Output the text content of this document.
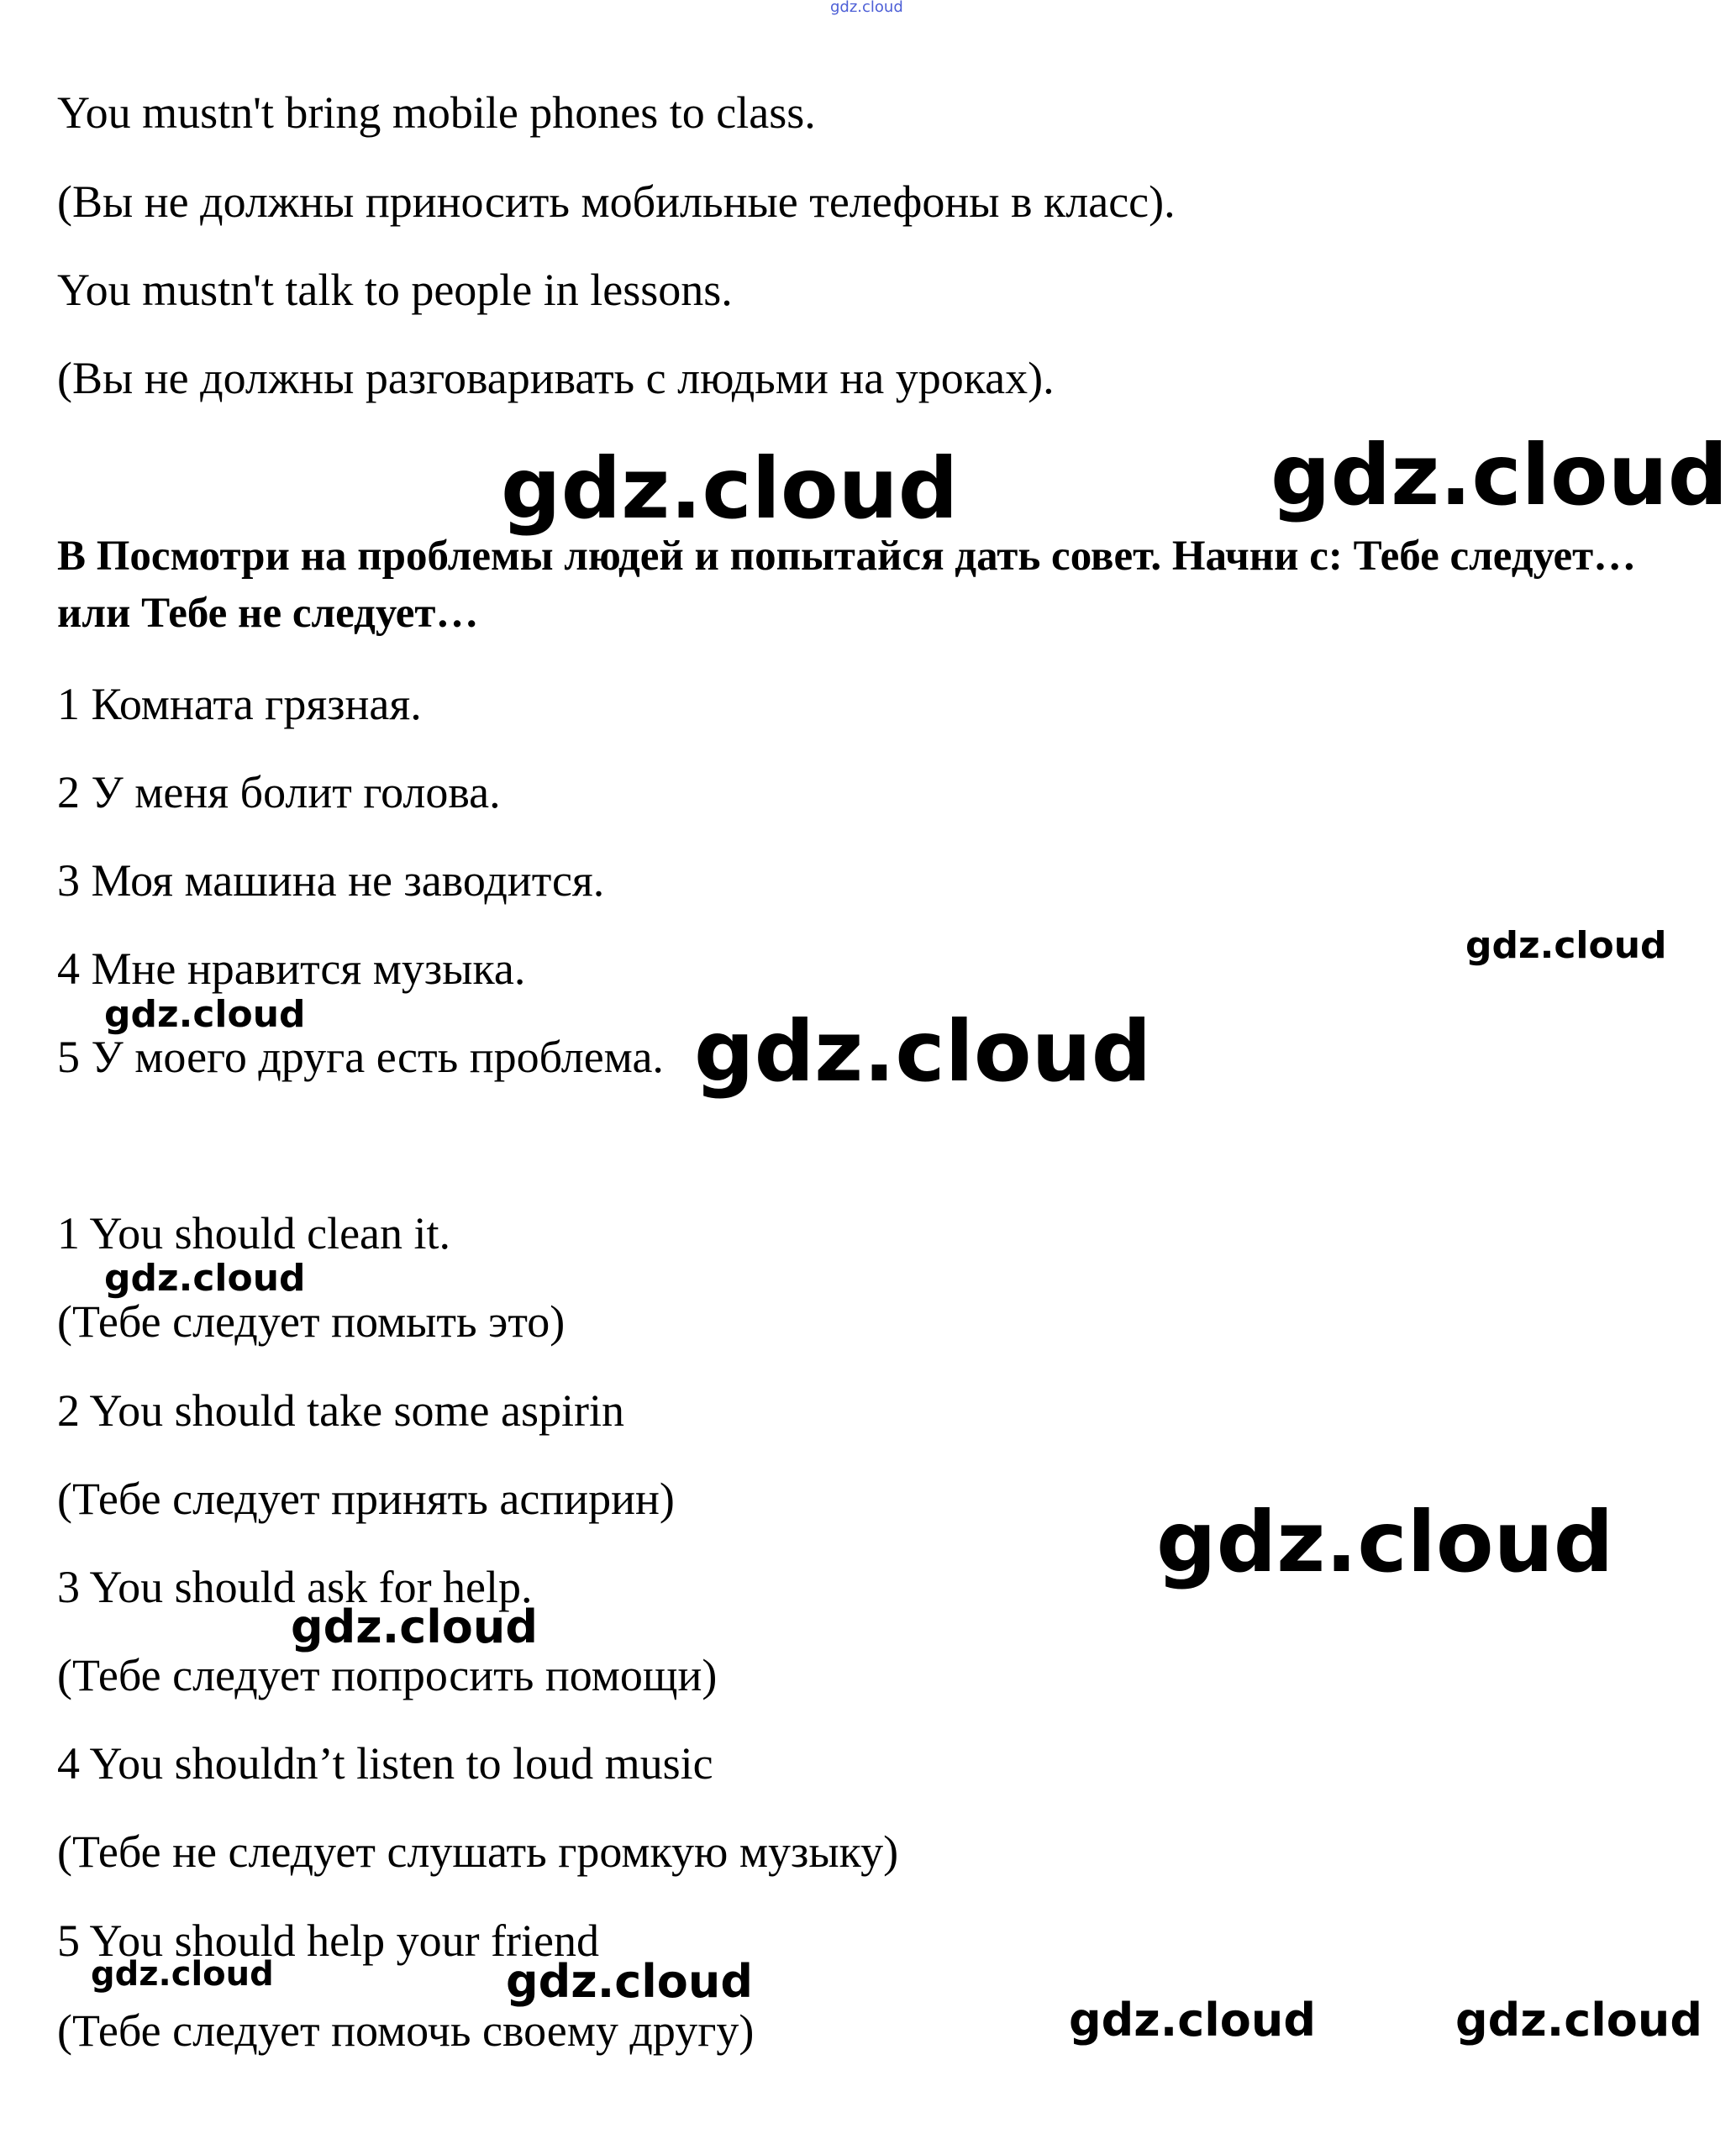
gdz.cloud
You mustn't bring mobile phones to class.
(Вы не должны приносить мобильные телефоны в класс).
You mustn't talk to people in lessons.
(Вы не должны разговаривать с людьми на уроках).
gdz.cloud	gdz.cloud
В Посмотри на проблемы людей и попытайся дать совет. Начни с: Тебе следует… или Тебе не следует…
1 Комната грязная.
2 У меня болит голова.
3 Моя машина не заводится.
4 Мне нравится музыка.
5 У моего друга есть проблема.
gdz.cloud
gdz.cloud	gdz.cloud
1 You should clean it.
(Тебе следует помыть это)
2 You should take some aspirin
(Тебе следует принять аспирин)
3 You should ask for help.
(Тебе следует попросить помощи)
4 You shouldn’t listen to loud music
(Тебе не следует слушать громкую музыку)
5 You should help your friend
(Тебе следует помочь своему другу)
gdz.cloud
gdz.cloud
gdz.cloud
gdz.cloud	gdz.cloud
gdz.cloud	gdz.cloud
